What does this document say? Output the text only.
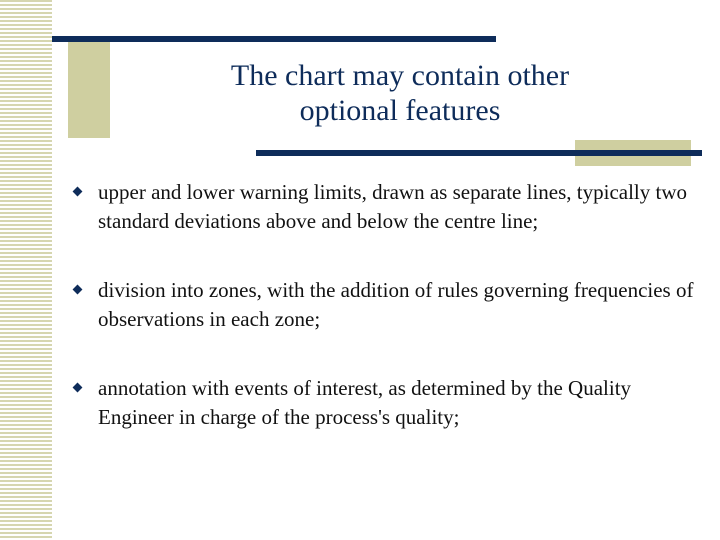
The chart may contain other
optional features
upper and lower warning limits, drawn as separate lines, typically two standard deviations above and below the centre line;
division into zones, with the addition of rules governing frequencies of observations in each zone;
annotation with events of interest, as determined by the Quality Engineer in charge of the process's quality;
